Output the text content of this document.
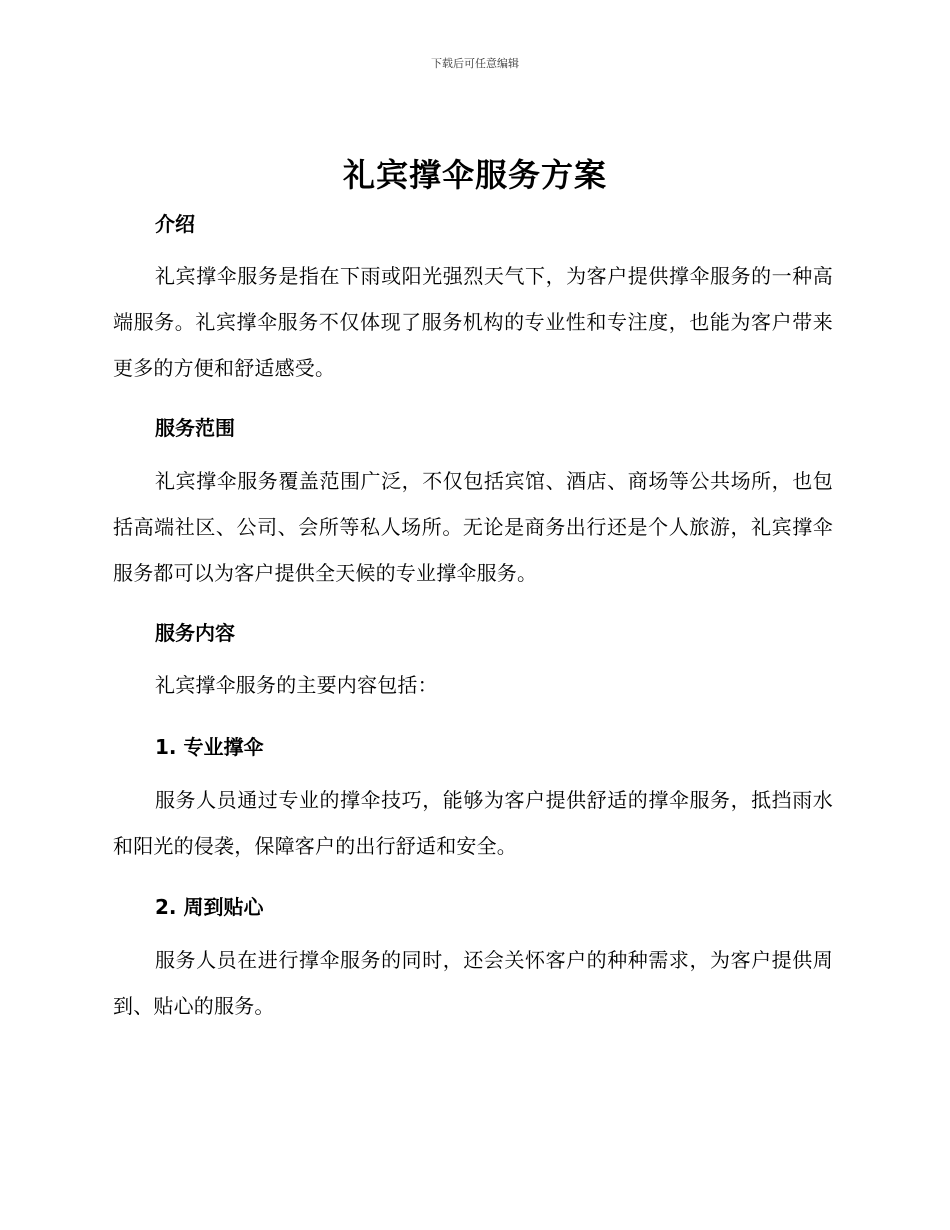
下载后可任意编辑
礼宾撑伞服务方案
介绍

礼宾撑伞服务是指在下雨或阳光强烈天气下，为客户提供撑伞服务的一种高端服务。礼宾撑伞服务不仅体现了服务机构的专业性和专注度，也能为客户带来更多的方便和舒适感受。

服务范围

礼宾撑伞服务覆盖范围广泛，不仅包括宾馆、酒店、商场等公共场所，也包括高端社区、公司、会所等私人场所。无论是商务出行还是个人旅游，礼宾撑伞服务都可以为客户提供全天候的专业撑伞服务。

服务内容

礼宾撑伞服务的主要内容包括：

1. 专业撑伞

服务人员通过专业的撑伞技巧，能够为客户提供舒适的撑伞服务，抵挡雨水和阳光的侵袭，保障客户的出行舒适和安全。

2. 周到贴心

服务人员在进行撑伞服务的同时，还会关怀客户的种种需求，为客户提供周到、贴心的服务。
